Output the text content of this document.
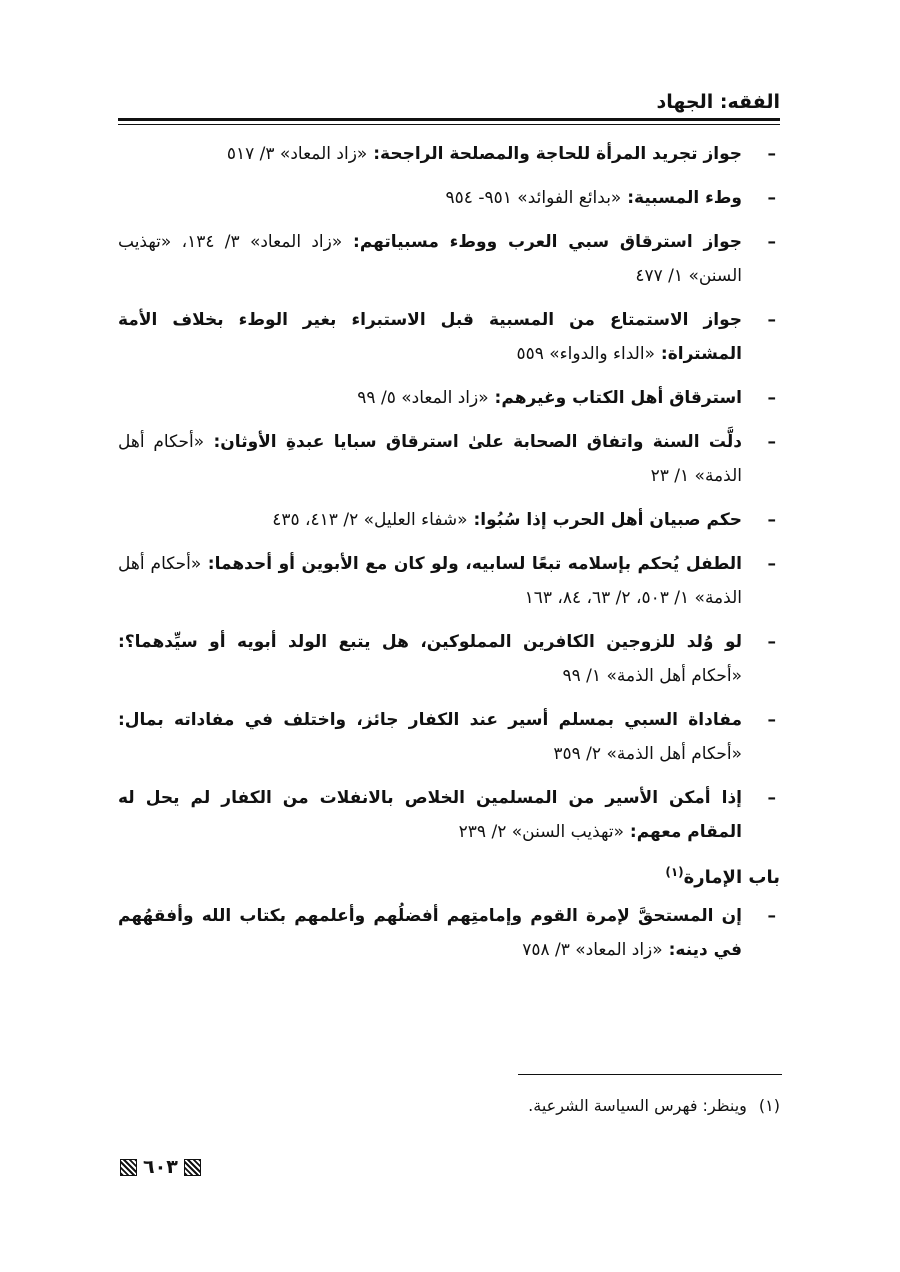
الفقه: الجهاد
–
جواز تجريد المرأة للحاجة والمصلحة الراجحة: «زاد المعاد» ٣/ ٥١٧
–
وطء المسبية: «بدائع الفوائد» ٩٥١- ٩٥٤
–
جواز استرقاق سبي العرب ووطء مسبياتهم: «زاد المعاد» ٣/ ١٣٤، «تهذيب السنن» ١/ ٤٧٧
–
جواز الاستمتاع من المسبية قبل الاستبراء بغير الوطء بخلاف الأمة المشتراة: «الداء والدواء» ٥٥٩
–
استرقاق أهل الكتاب وغيرهم: «زاد المعاد» ٥/ ٩٩
–
دلَّت السنة واتفاق الصحابة علىٰ استرقاق سبايا عبدةِ الأوثان: «أحكام أهل الذمة» ١/ ٢٣
–
حكم صبيان أهل الحرب إذا سُبُوا: «شفاء العليل» ٢/ ٤١٣، ٤٣٥
–
الطفل يُحكم بإسلامه تبعًا لسابيه، ولو كان مع الأبوين أو أحدهما: «أحكام أهل الذمة» ١/ ٥٠٣، ٢/ ٦٣، ٨٤، ١٦٣
–
لو وُلد للزوجين الكافرين المملوكين، هل يتبع الولد أبويه أو سيِّدهما؟: «أحكام أهل الذمة» ١/ ٩٩
–
مفاداة السبي بمسلم أسير عند الكفار جائز، واختلف في مفاداته بمال: «أحكام أهل الذمة» ٢/ ٣٥٩
–
إذا أمكن الأسير من المسلمين الخلاص بالانفلات من الكفار لم يحل له المقام معهم: «تهذيب السنن» ٢/ ٢٣٩
باب الإمارة$^{(١)}$
–
إن المستحقَّ لإمرة القوم وإمامتِهم أفضلُهم وأعلمهم بكتاب الله وأفقهُهم في دينه: «زاد المعاد» ٣/ ٧٥٨
(١)وينظر: فهرس السياسة الشرعية.
٦٠٣
